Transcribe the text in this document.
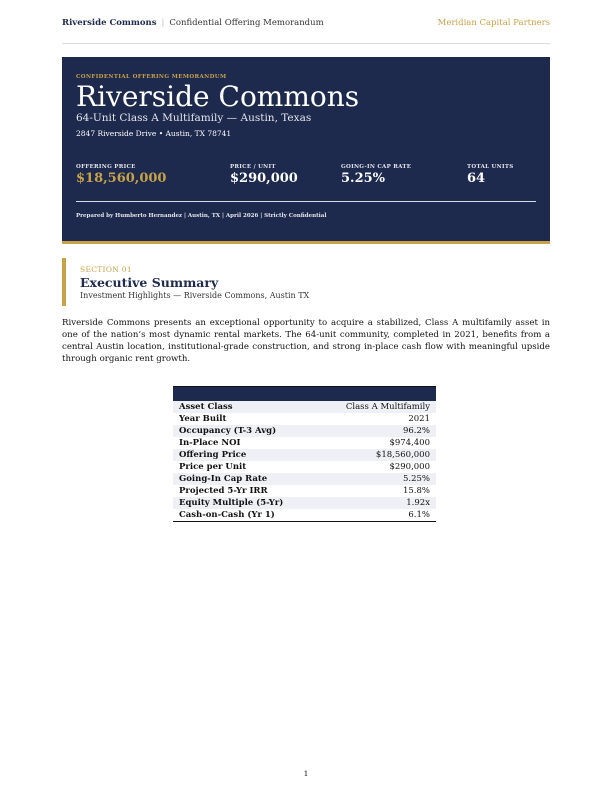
Riverside Commons | Confidential Offering Memorandum	Meridian Capital Partners
CONFIDENTIAL OFFERING MEMORANDUM
Riverside Commons
64-Unit Class A Multifamily — Austin, Texas
2847 Riverside Drive • Austin, TX 78741
OFFERING PRICE
$18,560,000
PRICE / UNIT
$290,000
GOING-IN CAP RATE
5.25%
TOTAL UNITS
64
Prepared by Humberto Hernandez | Austin, TX | April 2026 | Strictly Confidential
SECTION 01
Executive Summary
Investment Highlights — Riverside Commons, Austin TX

Riverside Commons presents an exceptional opportunity to acquire a stabilized, Class A multifamily asset in one of the nation’s most dynamic rental markets. The 64-unit community, completed in 2021, benefits from a central Austin location, institutional-grade construction, and strong in-place cash flow with meaningful upside through organic rent growth.

Asset Class	Class A Multifamily
Year Built	2021
Occupancy (T-3 Avg)	96.2%
In-Place NOI	$974,400
Offering Price	$18,560,000
Price per Unit	$290,000
Going-In Cap Rate	5.25%
Projected 5-Yr IRR	15.8%
Equity Multiple (5-Yr)	1.92x
Cash-on-Cash (Yr 1)	6.1%
1
